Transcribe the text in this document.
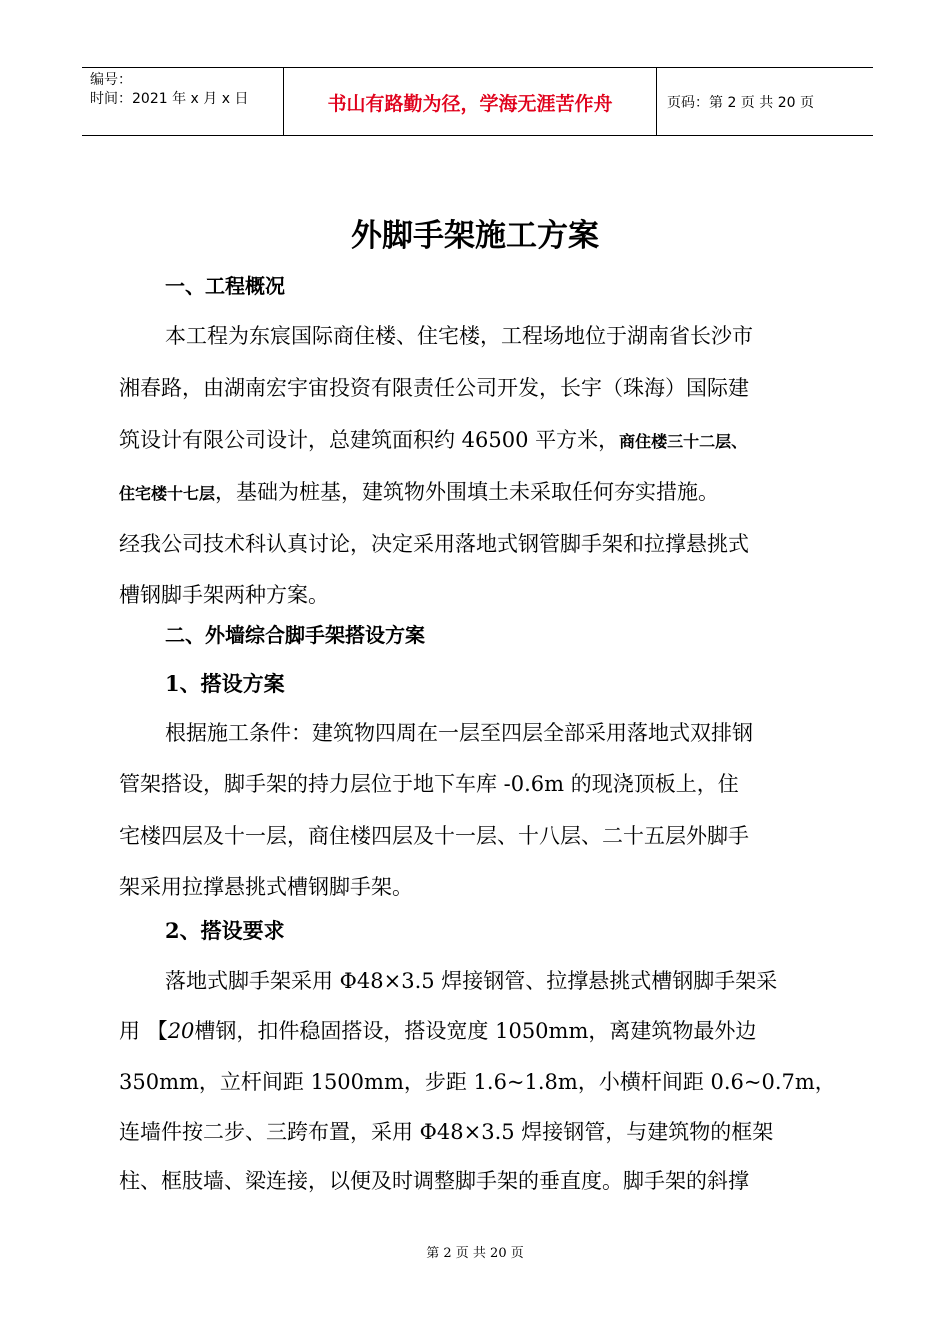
编号：
时间：2021 年 x 月 x 日	书山有路勤为径，学海无涯苦作舟	页码：第 2 页 共 20 页
外脚手架施工方案
一、工程概况
本工程为东宸国际商住楼、住宅楼，工程场地位于湖南省长沙市
湘春路，由湖南宏宇宙投资有限责任公司开发，长宇（珠海）国际建
筑设计有限公司设计，总建筑面积约 46500 平方米，商住楼三十二层、
住宅楼十七层，基础为桩基，建筑物外围填土未采取任何夯实措施。
经我公司技术科认真讨论，决定采用落地式钢管脚手架和拉撑悬挑式
槽钢脚手架两种方案。
二、外墙综合脚手架搭设方案
1、搭设方案
根据施工条件：建筑物四周在一层至四层全部采用落地式双排钢
管架搭设，脚手架的持力层位于地下车库 -0.6m 的现浇顶板上，住
宅楼四层及十一层，商住楼四层及十一层、十八层、二十五层外脚手
架采用拉撑悬挑式槽钢脚手架。
2、搭设要求
落地式脚手架采用 Φ48×3.5 焊接钢管、拉撑悬挑式槽钢脚手架采
用 【20槽钢，扣件稳固搭设，搭设宽度 1050mm，离建筑物最外边
350mm，立杆间距 1500mm，步距 1.6~1.8m，小横杆间距 0.6~0.7m，
连墙件按二步、三跨布置，采用 Φ48×3.5 焊接钢管，与建筑物的框架
柱、框肢墙、梁连接，以便及时调整脚手架的垂直度。脚手架的斜撑
第 2 页 共 20 页
